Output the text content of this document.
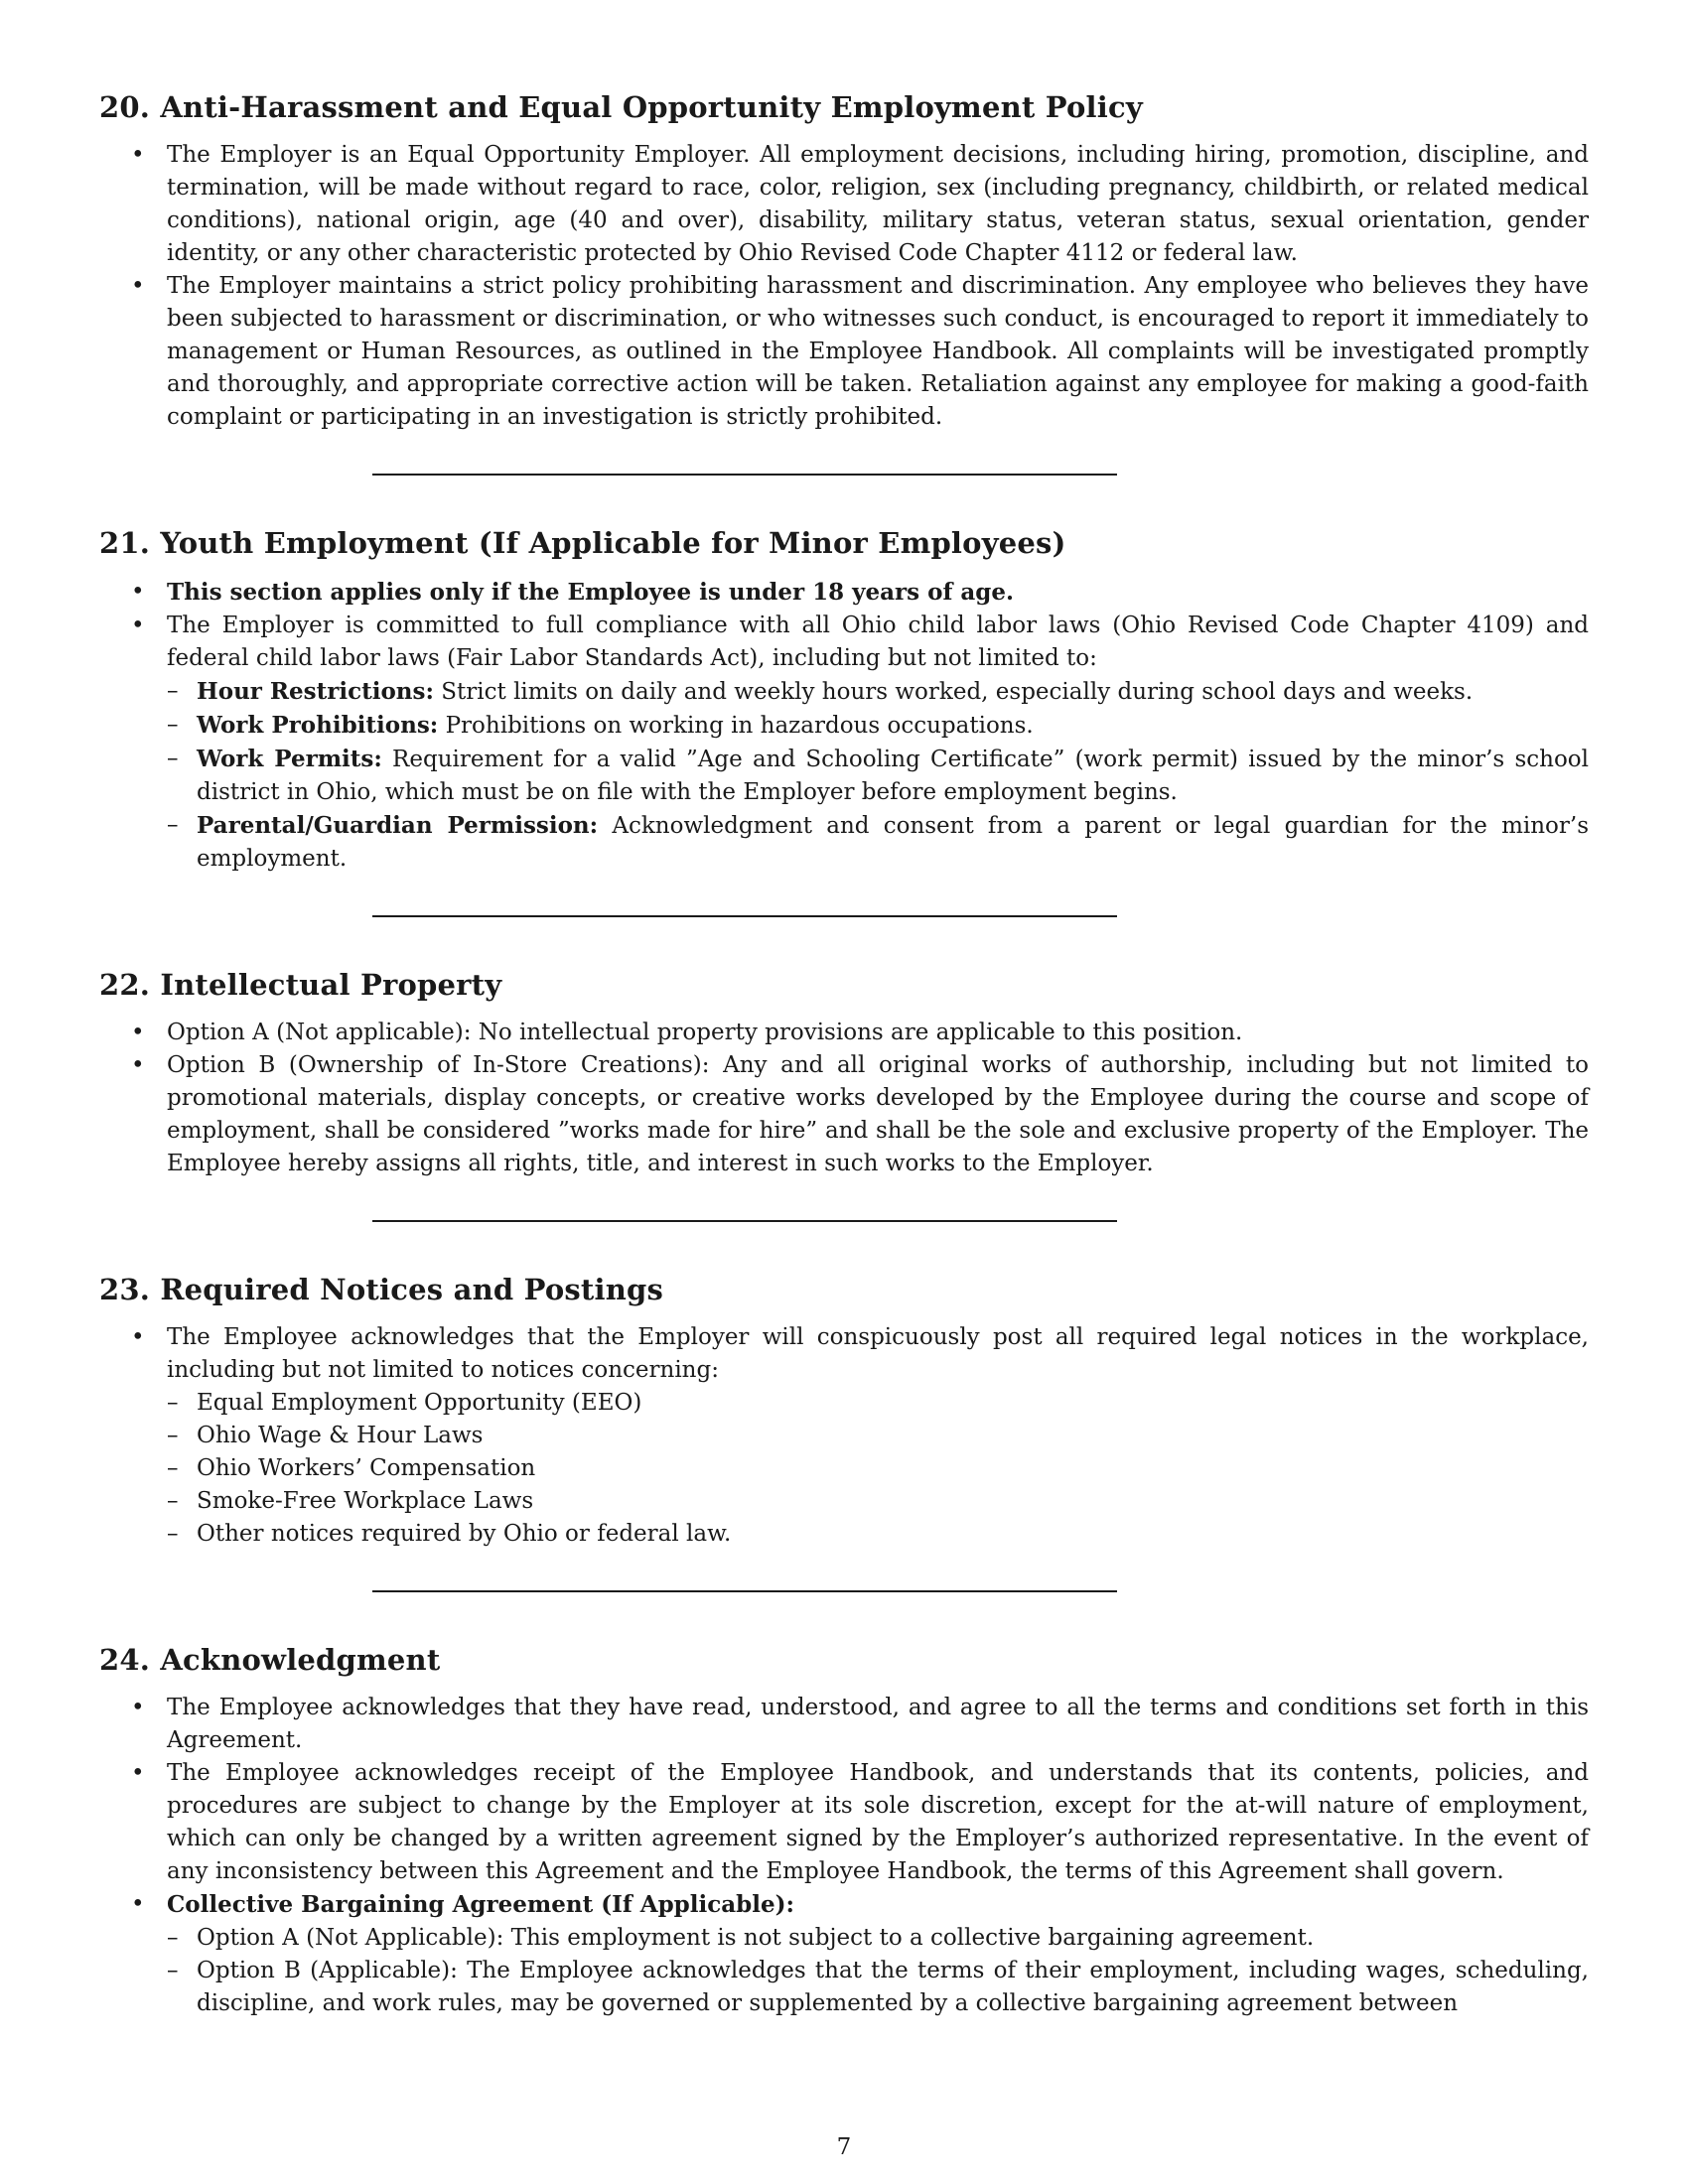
20. Anti-Harassment and Equal Opportunity Employment Policy
• The Employer is an Equal Opportunity Employer. All employment decisions, including hiring, promotion, discipline, and termination, will be made without regard to race, color, religion, sex (including pregnancy, childbirth, or related medical conditions), national origin, age (40 and over), disability, military status, veteran status, sexual orientation, gender identity, or any other characteristic protected by Ohio Revised Code Chapter 4112 or federal law.
• The Employer maintains a strict policy prohibiting harassment and discrimination. Any employee who believes they have been subjected to harassment or discrimination, or who witnesses such conduct, is encouraged to report it immediately to management or Human Resources, as outlined in the Employee Handbook. All complaints will be investigated promptly and thoroughly, and appropriate corrective action will be taken. Retaliation against any employee for making a good-faith complaint or participating in an investigation is strictly prohibited.
21. Youth Employment (If Applicable for Minor Employees)
• This section applies only if the Employee is under 18 years of age.
• The Employer is committed to full compliance with all Ohio child labor laws (Ohio Revised Code Chapter 4109) and federal child labor laws (Fair Labor Standards Act), including but not limited to:
– Hour Restrictions: Strict limits on daily and weekly hours worked, especially during school days and weeks.
– Work Prohibitions: Prohibitions on working in hazardous occupations.
– Work Permits: Requirement for a valid ”Age and Schooling Certificate” (work permit) issued by the minor’s school district in Ohio, which must be on file with the Employer before employment begins.
– Parental/Guardian Permission: Acknowledgment and consent from a parent or legal guardian for the minor’s employment.
22. Intellectual Property
• Option A (Not applicable): No intellectual property provisions are applicable to this position.
• Option B (Ownership of In-Store Creations): Any and all original works of authorship, including but not limited to promotional materials, display concepts, or creative works developed by the Employee during the course and scope of employment, shall be considered ”works made for hire” and shall be the sole and exclusive property of the Employer. The Employee hereby assigns all rights, title, and interest in such works to the Employer.
23. Required Notices and Postings
• The Employee acknowledges that the Employer will conspicuously post all required legal notices in the workplace, including but not limited to notices concerning:
– Equal Employment Opportunity (EEO)
– Ohio Wage & Hour Laws
– Ohio Workers’ Compensation
– Smoke-Free Workplace Laws
– Other notices required by Ohio or federal law.
24. Acknowledgment
• The Employee acknowledges that they have read, understood, and agree to all the terms and conditions set forth in this Agreement.
• The Employee acknowledges receipt of the Employee Handbook, and understands that its contents, policies, and procedures are subject to change by the Employer at its sole discretion, except for the at-will nature of employment, which can only be changed by a written agreement signed by the Employer’s authorized representative. In the event of any inconsistency between this Agreement and the Employee Handbook, the terms of this Agreement shall govern.
• Collective Bargaining Agreement (If Applicable):
– Option A (Not Applicable): This employment is not subject to a collective bargaining agreement.
– Option B (Applicable): The Employee acknowledges that the terms of their employment, including wages, scheduling, discipline, and work rules, may be governed or supplemented by a collective bargaining agreement between
7
